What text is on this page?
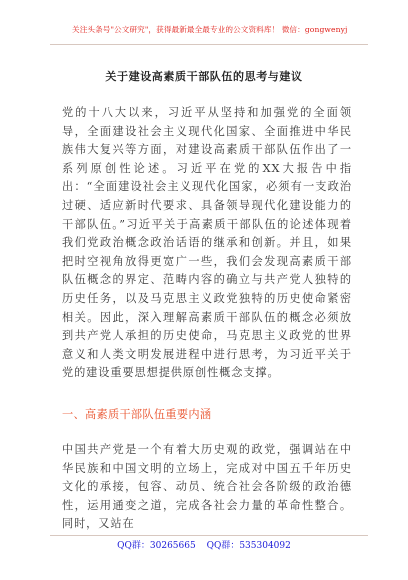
关注头条号"公文研究"，获得最新最全最专业的公文资料库！ 微信：gongwenyj
关于建设高素质干部队伍的思考与建议
党的十八大以来，习近平从坚持和加强党的全面领导，全面建设社会主义现代化国家、全面推进中华民族伟大复兴等方面，对建设高素质干部队伍作出了一系列原创性论述。习近平在党的XX大报告中指出：“全面建设社会主义现代化国家，必须有一支政治过硬、适应新时代要求、具备领导现代化建设能力的干部队伍。”习近平关于高素质干部队伍的论述体现着我们党政治概念政治话语的继承和创新。并且，如果把时空视角放得更宽广一些，我们会发现高素质干部队伍概念的界定、范畴内容的确立与共产党人独特的历史任务，以及马克思主义政党独特的历史使命紧密相关。因此，深入理解高素质干部队伍的概念必须放到共产党人承担的历史使命，马克思主义政党的世界意义和人类文明发展进程中进行思考，为习近平关于党的建设重要思想提供原创性概念支撑。
一、高素质干部队伍重要内涵
中国共产党是一个有着大历史观的政党，强调站在中华民族和中国文明的立场上，完成对中国五千年历史文化的承接，包容、动员、统合社会各阶级的政治德性，运用通变之道，完成各社会力量的革命性整合。同时，又站在
QQ群：30265665 QQ群：535304092
